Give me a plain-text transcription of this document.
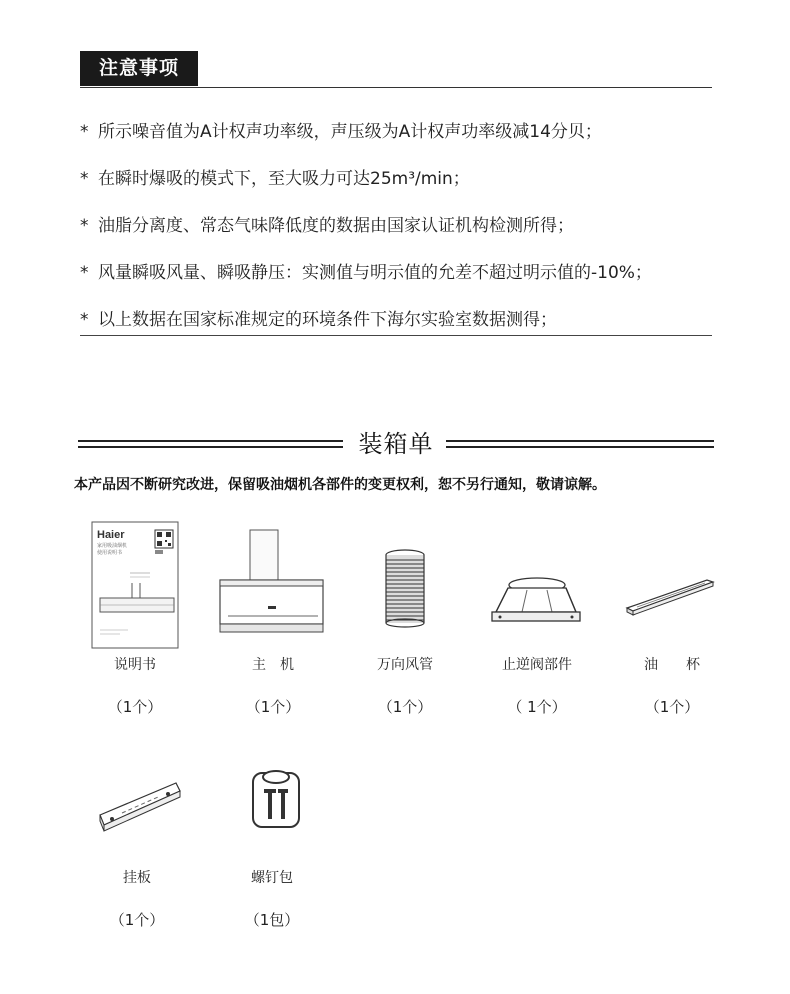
注意事项
* 所示噪音值为A计权声功率级，声压级为A计权声功率级减14分贝；
* 在瞬时爆吸的模式下，至大吸力可达25m³/min；
* 油脂分离度、常态气味降低度的数据由国家认证机构检测所得；
* 风量瞬吸风量、瞬吸静压：实测值与明示值的允差不超过明示值的-10%；
* 以上数据在国家标准规定的环境条件下海尔实验室数据测得；
装箱单
本产品因不断研究改进，保留吸油烟机各部件的变更权利，恕不另行通知，敬请谅解。
Haier
家用吸油烟机
使用说明书
说明书
（1个）
主　机
（1个）
万向风管
（1个）
止逆阀部件
（ 1个）
油　　杯
（1个）
挂板
（1个）
螺钉包
（1包）
